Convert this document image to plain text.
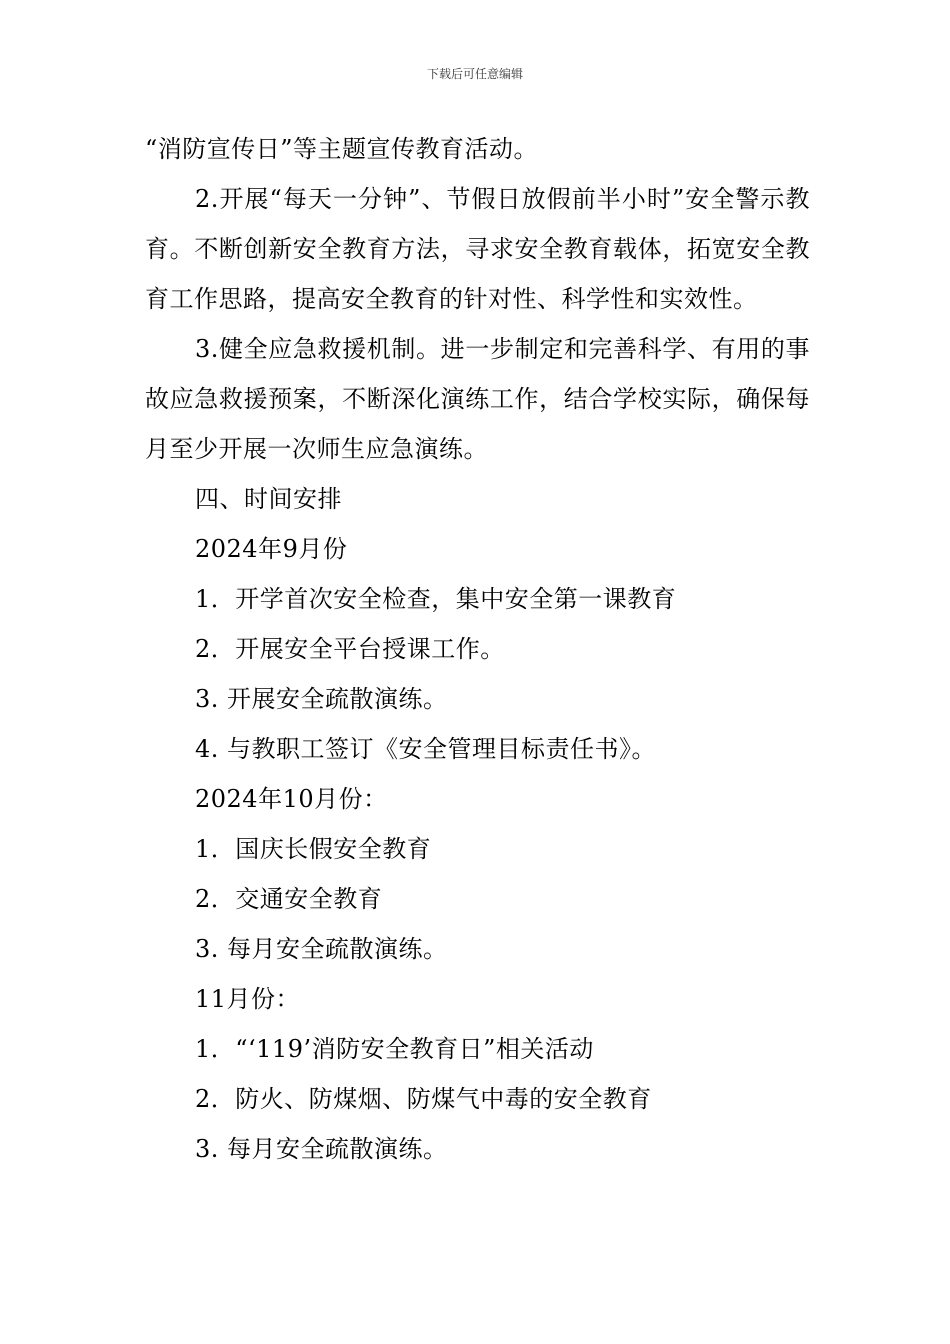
下载后可任意编辑

“消防宣传日”等主题宣传教育活动。

2.开展“每天一分钟”、节假日放假前半小时”安全警示教育。不断创新安全教育方法，寻求安全教育载体，拓宽安全教育工作思路，提高安全教育的针对性、科学性和实效性。

3.健全应急救援机制。进一步制定和完善科学、有用的事故应急救援预案，不断深化演练工作，结合学校实际，确保每月至少开展一次师生应急演练。

四、时间安排

2024年9月份

1．开学首次安全检查，集中安全第一课教育

2．开展安全平台授课工作。

3. 开展安全疏散演练。

4. 与教职工签订《安全管理目标责任书》。

2024年10月份：

1．国庆长假安全教育

2．交通安全教育

3. 每月安全疏散演练。

11月份：

1．“‘119’消防安全教育日”相关活动

2．防火、防煤烟、防煤气中毒的安全教育

3. 每月安全疏散演练。
